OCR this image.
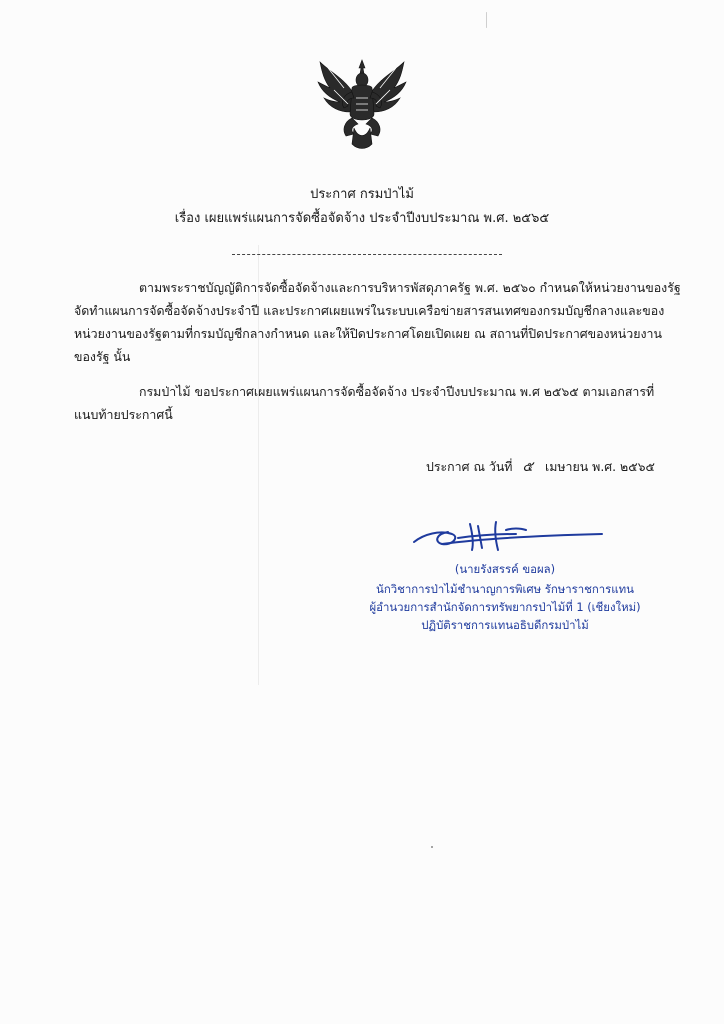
ประกาศ กรมป่าไม้
เรื่อง เผยแพร่แผนการจัดซื้อจัดจ้าง ประจำปีงบประมาณ พ.ศ. ๒๕๖๕

ตามพระราชบัญญัติการจัดซื้อจัดจ้างและการบริหารพัสดุภาครัฐ พ.ศ. ๒๕๖๐ กำหนดให้หน่วยงานของรัฐ
จัดทำแผนการจัดซื้อจัดจ้างประจำปี และประกาศเผยแพร่ในระบบเครือข่ายสารสนเทศของกรมบัญชีกลางและของ
หน่วยงานของรัฐตามที่กรมบัญชีกลางกำหนด และให้ปิดประกาศโดยเปิดเผย ณ สถานที่ปิดประกาศของหน่วยงาน
ของรัฐ นั้น

กรมป่าไม้ ขอประกาศเผยแพร่แผนการจัดซื้อจัดจ้าง ประจำปีงบประมาณ พ.ศ ๒๕๖๕ ตามเอกสารที่
แนบท้ายประกาศนี้

ประกาศ ณ วันที่ ๕ เมษายน พ.ศ. ๒๕๖๕
(นายรังสรรค์ ขอผล)
นักวิชาการป่าไม้ชำนาญการพิเศษ รักษาราชการแทน
ผู้อำนวยการสำนักจัดการทรัพยากรป่าไม้ที่ 1 (เชียงใหม่)
ปฏิบัติราชการแทนอธิบดีกรมป่าไม้
